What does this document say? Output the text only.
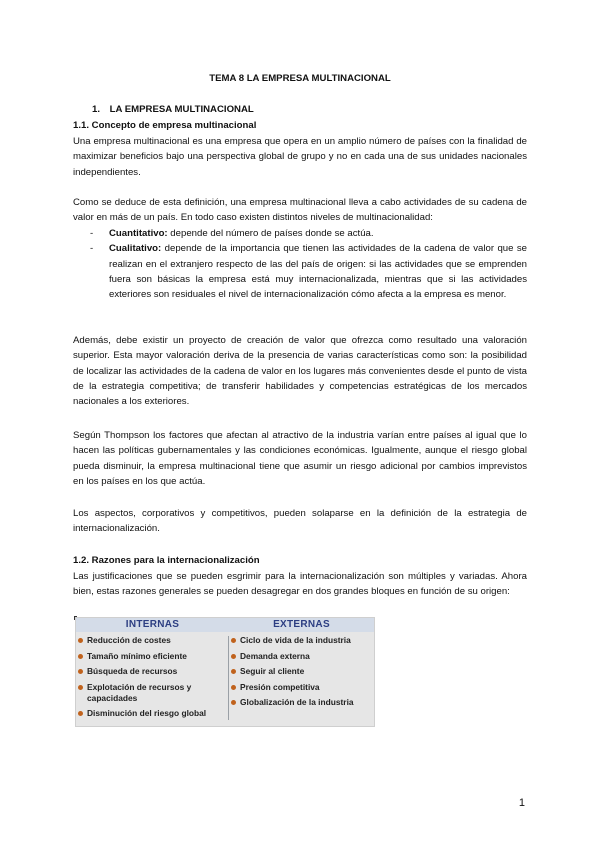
TEMA 8 LA EMPRESA MULTINACIONAL
1. LA EMPRESA MULTINACIONAL
1.1. Concepto de empresa multinacional

Una empresa multinacional es una empresa que opera en un amplio número de países con la finalidad de maximizar beneficios bajo una perspectiva global de grupo y no en cada una de sus unidades nacionales independientes.

Como se deduce de esta definición, una empresa multinacional lleva a cabo actividades de su cadena de valor en más de un país. En todo caso existen distintos niveles de multinacionalidad:

- Cuantitativo: depende del número de países donde se actúa.
- Cualitativo: depende de la importancia que tienen las actividades de la cadena de valor que se realizan en el extranjero respecto de las del país de origen: si las actividades que se emprenden fuera son básicas la empresa está muy internacionalizada, mientras que si las actividades exteriores son residuales el nivel de internacionalización cómo afecta a la empresa es menor.

Además, debe existir un proyecto de creación de valor que ofrezca como resultado una valoración superior. Esta mayor valoración deriva de la presencia de varias características como son: la posibilidad de localizar las actividades de la cadena de valor en los lugares más convenientes desde el punto de vista de la estrategia competitiva; de transferir habilidades y competencias estratégicas de los mercados nacionales a los exteriores.

Según Thompson los factores que afectan al atractivo de la industria varían entre países al igual que lo hacen las políticas gubernamentales y las condiciones económicas. Igualmente, aunque el riesgo global pueda disminuir, la empresa multinacional tiene que asumir un riesgo adicional por cambios imprevistos en los países en los que actúa.

Los aspectos, corporativos y competitivos, pueden solaparse en la definición de la estrategia de internacionalización.

1.2. Razones para la internacionalización

Las justificaciones que se pueden esgrimir para la internacionalización son múltiples y variadas. Ahora bien, estas razones generales se pueden desagregar en dos grandes bloques en función de su origen:

INTERNAS
Reducción de costes
Tamaño mínimo eficiente
Búsqueda de recursos
Explotación de recursos y capacidades
Disminución del riesgo global
EXTERNAS
Ciclo de vida de la industria
Demanda externa
Seguir al cliente
Presión competitiva
Globalización de la industria
1
